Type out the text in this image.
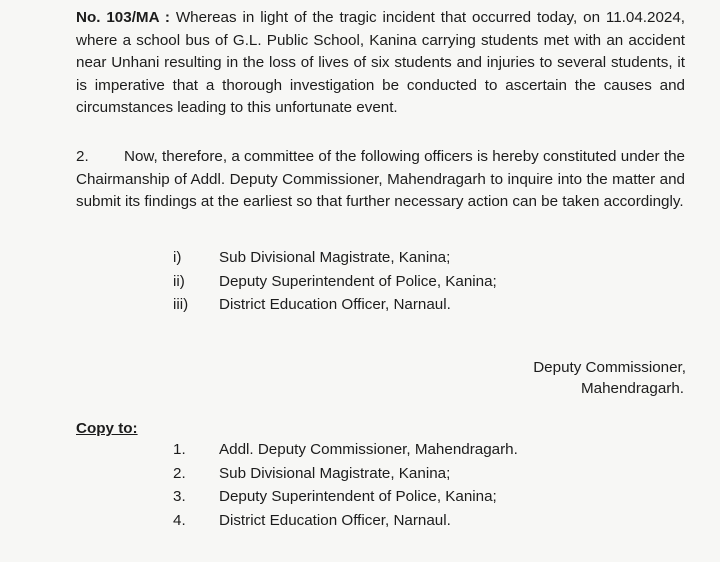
No. 103/MA : Whereas in light of the tragic incident that occurred today, on 11.04.2024, where a school bus of G.L. Public School, Kanina carrying students met with an accident near Unhani resulting in the loss of lives of six students and injuries to several students, it is imperative that a thorough investigation be conducted to ascertain the causes and circumstances leading to this unfortunate event.

2. Now, therefore, a committee of the following officers is hereby constituted under the Chairmanship of Addl. Deputy Commissioner, Mahendragarh to inquire into the matter and submit its findings at the earliest so that further necessary action can be taken accordingly.

i)	Sub Divisional Magistrate, Kanina;
ii)	Deputy Superintendent of Police, Kanina;
iii)	District Education Officer, Narnaul.
Deputy Commissioner,
Mahendragarh.
Copy to:
1.	Addl. Deputy Commissioner, Mahendragarh.
2.	Sub Divisional Magistrate, Kanina;
3.	Deputy Superintendent of Police, Kanina;
4.	District Education Officer, Narnaul.
